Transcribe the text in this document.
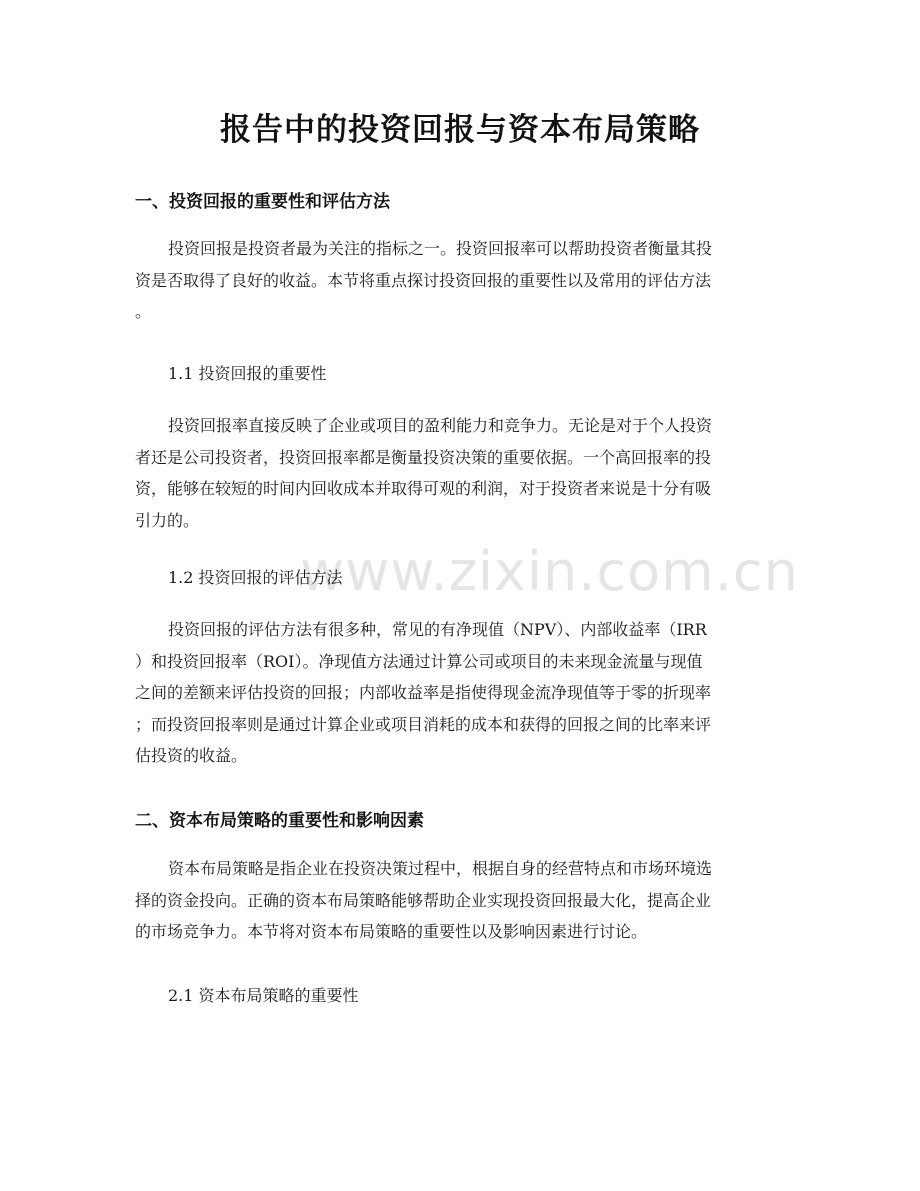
报告中的投资回报与资本布局策略
一、投资回报的重要性和评估方法
投资回报是投资者最为关注的指标之一。投资回报率可以帮助投资者衡量其投
资是否取得了良好的收益。本节将重点探讨投资回报的重要性以及常用的评估方法
。
1.1 投资回报的重要性
投资回报率直接反映了企业或项目的盈利能力和竞争力。无论是对于个人投资
者还是公司投资者，投资回报率都是衡量投资决策的重要依据。一个高回报率的投
资，能够在较短的时间内回收成本并取得可观的利润，对于投资者来说是十分有吸
引力的。
1.2 投资回报的评估方法
投资回报的评估方法有很多种，常见的有净现值（NPV）、内部收益率（IRR
）和投资回报率（ROI）。净现值方法通过计算公司或项目的未来现金流量与现值
之间的差额来评估投资的回报；内部收益率是指使得现金流净现值等于零的折现率
；而投资回报率则是通过计算企业或项目消耗的成本和获得的回报之间的比率来评
估投资的收益。
二、资本布局策略的重要性和影响因素
资本布局策略是指企业在投资决策过程中，根据自身的经营特点和市场环境选
择的资金投向。正确的资本布局策略能够帮助企业实现投资回报最大化，提高企业
的市场竞争力。本节将对资本布局策略的重要性以及影响因素进行讨论。
2.1 资本布局策略的重要性
www.zixin.com.cn
